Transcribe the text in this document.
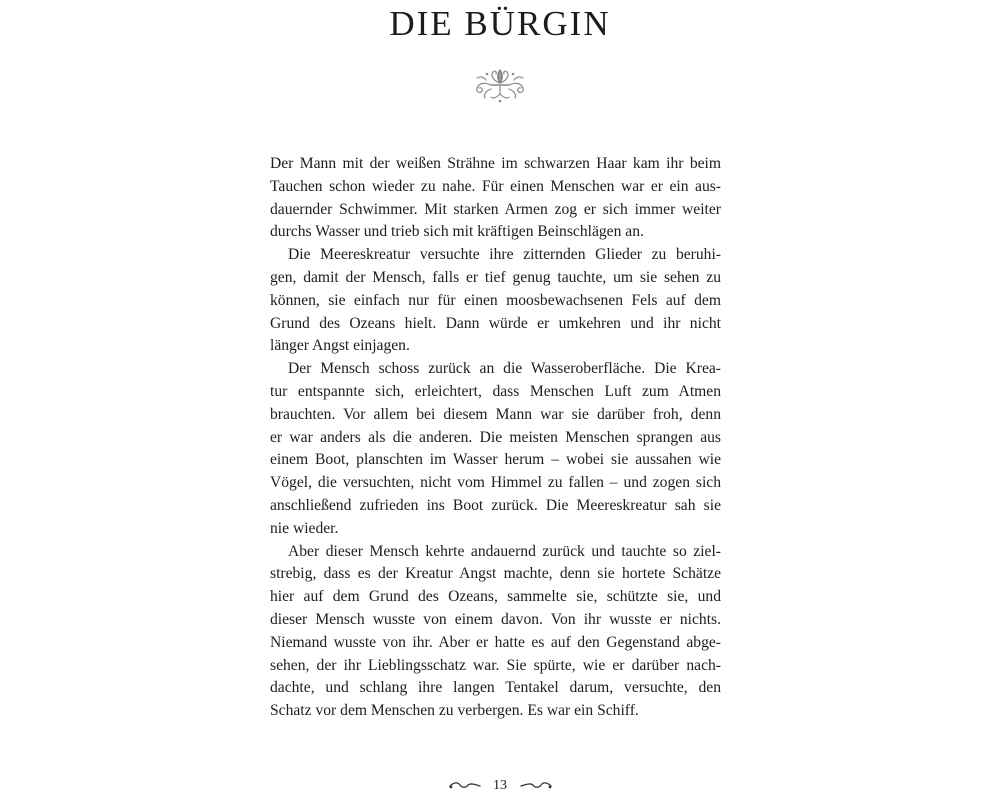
DIE BÜRGIN
Der Mann mit der weißen Strähne im schwarzen Haar kam ihr beim
Tauchen schon wieder zu nahe. Für einen Menschen war er ein aus-
dauernder Schwimmer. Mit starken Armen zog er sich immer weiter
durchs Wasser und trieb sich mit kräftigen Beinschlägen an.
Die Meereskreatur versuchte ihre zitternden Glieder zu beruhi-
gen, damit der Mensch, falls er tief genug tauchte, um sie sehen zu
können, sie einfach nur für einen moosbewachsenen Fels auf dem
Grund des Ozeans hielt. Dann würde er umkehren und ihr nicht
länger Angst einjagen.
Der Mensch schoss zurück an die Wasseroberfläche. Die Krea-
tur entspannte sich, erleichtert, dass Menschen Luft zum Atmen
brauchten. Vor allem bei diesem Mann war sie darüber froh, denn
er war anders als die anderen. Die meisten Menschen sprangen aus
einem Boot, planschten im Wasser herum – wobei sie aussahen wie
Vögel, die versuchten, nicht vom Himmel zu fallen – und zogen sich
anschließend zufrieden ins Boot zurück. Die Meereskreatur sah sie
nie wieder.
Aber dieser Mensch kehrte andauernd zurück und tauchte so ziel-
strebig, dass es der Kreatur Angst machte, denn sie hortete Schätze
hier auf dem Grund des Ozeans, sammelte sie, schützte sie, und
dieser Mensch wusste von einem davon. Von ihr wusste er nichts.
Niemand wusste von ihr. Aber er hatte es auf den Gegenstand abge-
sehen, der ihr Lieblingsschatz war. Sie spürte, wie er darüber nach-
dachte, und schlang ihre langen Tentakel darum, versuchte, den
Schatz vor dem Menschen zu verbergen. Es war ein Schiff.
13
